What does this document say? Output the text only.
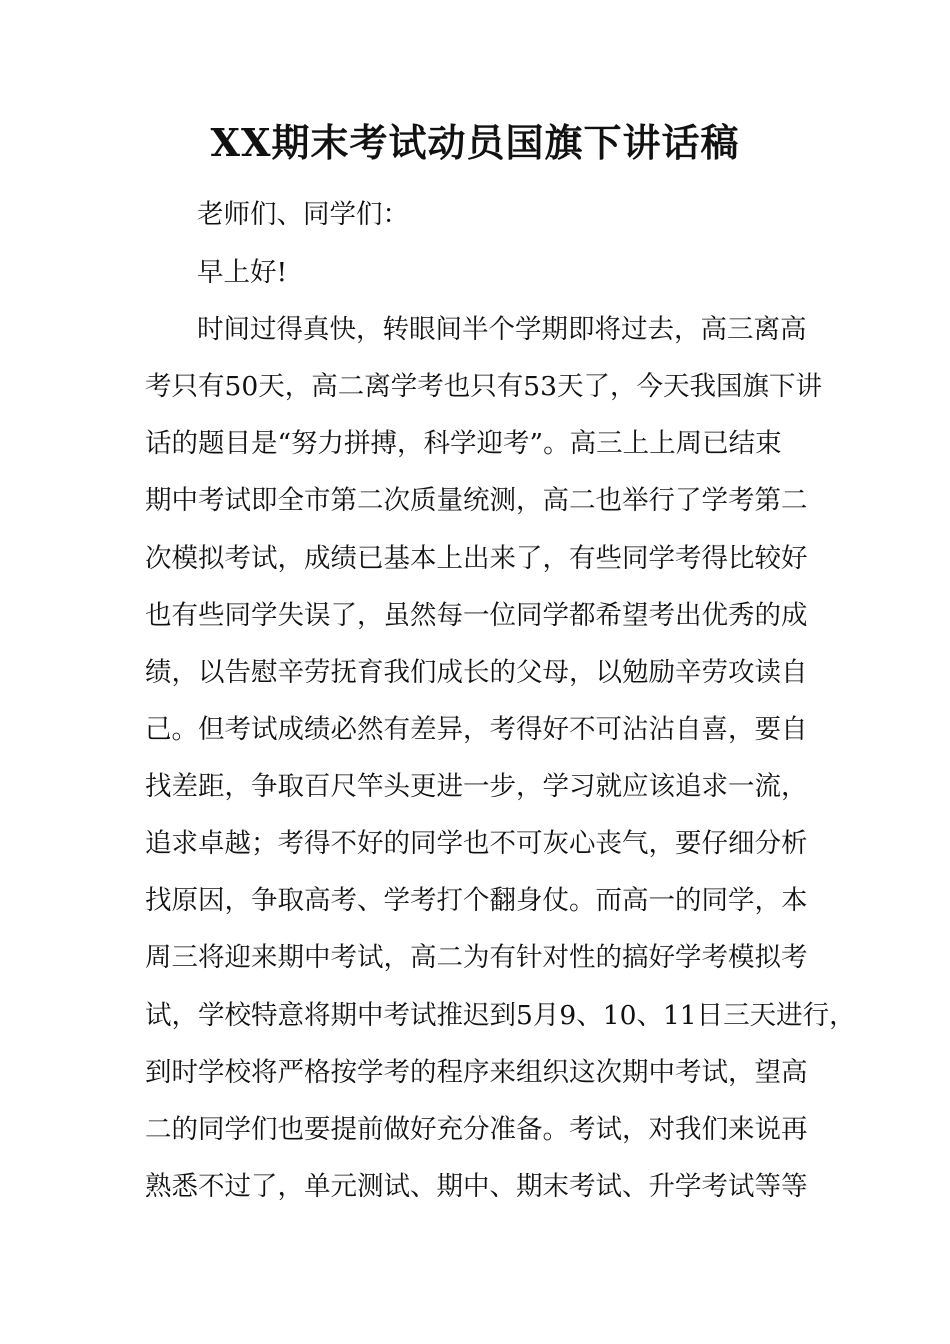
XX期末考试动员国旗下讲话稿

老师们、同学们：

早上好!

时间过得真快，转眼间半个学期即将过去，高三离高

考只有50天，高二离学考也只有53天了，今天我国旗下讲

话的题目是“努力拼搏，科学迎考”。高三上上周已结束

期中考试即全市第二次质量统测，高二也举行了学考第二

次模拟考试，成绩已基本上出来了，有些同学考得比较好

也有些同学失误了，虽然每一位同学都希望考出优秀的成

绩，以告慰辛劳抚育我们成长的父母，以勉励辛劳攻读自

己。但考试成绩必然有差异，考得好不可沾沾自喜，要自

找差距，争取百尺竿头更进一步，学习就应该追求一流，

追求卓越；考得不好的同学也不可灰心丧气，要仔细分析

找原因，争取高考、学考打个翻身仗。而高一的同学，本

周三将迎来期中考试，高二为有针对性的搞好学考模拟考

试，学校特意将期中考试推迟到5月9、10、11日三天进行，

到时学校将严格按学考的程序来组织这次期中考试，望高

二的同学们也要提前做好充分准备。考试，对我们来说再

熟悉不过了，单元测试、期中、期末考试、升学考试等等
